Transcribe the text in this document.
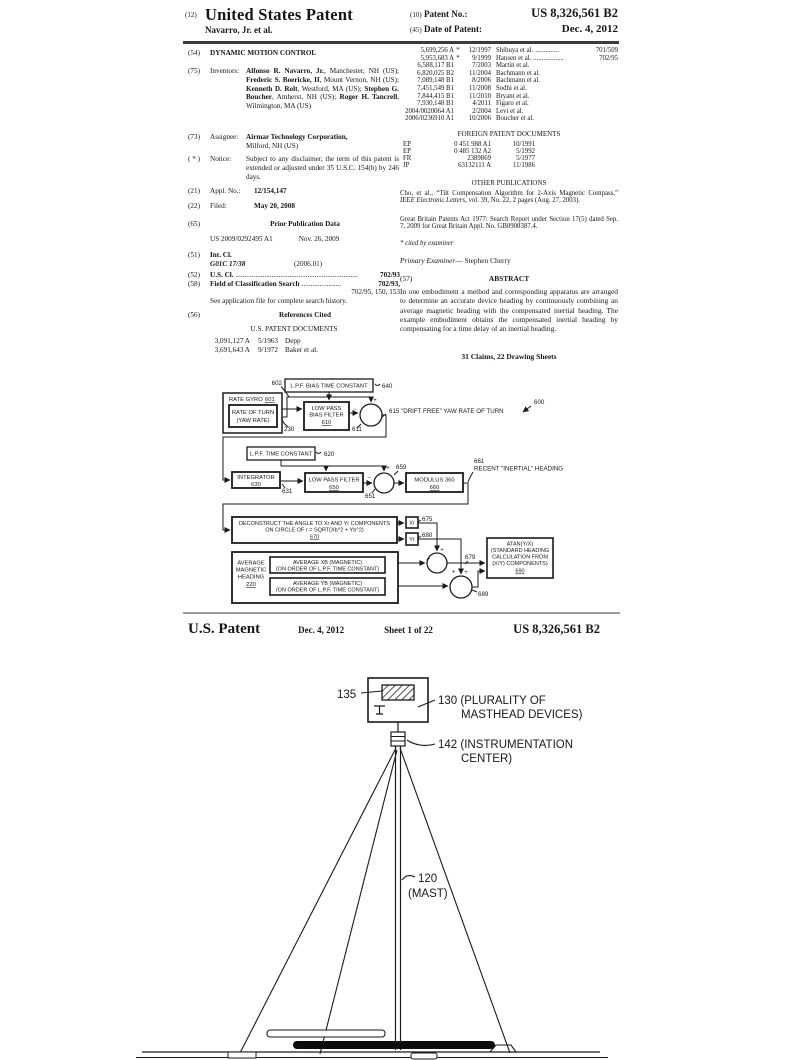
(12) United States Patent
Navarro, Jr. et al.
(10) Patent No.:	US 8,326,561 B2
(45) Date of Patent:	Dec. 4, 2012
(54)	DYNAMIC MOTION CONTROL
(75)	Inventors: Alfonso R. Navarro, Jr., Manchester, NH (US); Frederic S. Boericke, II, Mount Vernon, NH (US); Kenneth D. Rolt, Westford, MA (US); Stephen G. Boucher, Amherst, NH (US); Roger H. Tancrell, Wilmington, MA (US)
(73)	Assignee:	Airmar Technology Corporation,
Milford, NH (US)
( * )	Notice:	Subject to any disclaimer, the term of this patent is extended or adjusted under 35 U.S.C. 154(b) by 246 days.
(21)	Appl. No.:	12/154,147
(22)	Filed:	May 20, 2008
(65)	Prior Publication Data
US 2009/0292495 A1	Nov. 26, 2009
(51)	Int. Cl.
G01C 17/38	(2006.01)
(52)	U.S. Cl. ....................................................................	702/93
(58)	Field of Classification Search ......................	702/93,
702/95, 150, 153
See application file for complete search history.
(56)	References Cited
U.S. PATENT DOCUMENTS
3,091,127 A	5/1963 Depp
3,691,643 A	9/1972 Baker et al.
5,699,256 A *	12/1997 Shibuya et al. ..............	701/509
5,953,683 A *	9/1999 Hansen et al. ..................	702/95
6,588,117 B1	7/2003 Martin et al.
6,820,025 B2	11/2004 Bachmann et al.
7,089,148 B1	8/2006 Bachmann et al.
7,451,549 B1	11/2008 Sodhi et al.
7,844,415 B1	11/2010 Bryant et al.
7,930,148 B1	4/2011 Figaro et al.
2004/0020064 A1	2/2004 Levi et al.
2006/0236910 A1	10/2006 Boucher et al.
FOREIGN PATENT DOCUMENTS
EP	0 451 988 A1	10/1991
EP	0 485 132 A2	5/1992
FR	2389869	5/1977
JP	63132111 A	11/1986
OTHER PUBLICATIONS
Cho, et al., “Tilt Compensation Algorithm for 2-Axis Magnetic Compass,” IEEE Electronic Letters, vol. 39, No. 22, 2 pages (Aug. 27, 2003).
Great Britain Patents Act 1977: Search Report under Section 17(5) dated Sep. 7, 2009 for Great Britain Appl. No. GB0908387.4.
* cited by examiner
Primary Examiner — Stephen Cherry
(57)	ABSTRACT
In one embodiment a method and corresponding apparatus are arranged to determine an accurate device heading by continuously combining an average magnetic heading with the compensated inertial heading. The example embodiment obtains the compensated inertial heading by compensating for a time delay of an inertial heading.
31 Claims, 22 Drawing Sheets
L.P.F. BIAS TIME CONSTANT
602	640
RATE GYRO 601
RATE OF TURN
(YAW RATE)
230
LOW PASS
BIAS FILTER
610
611
615 "DRIFT FREE" YAW RATE OF TURN
600
+
−
L.P.F. TIME CONSTANT 620
INTEGRATOR
630
631
LOW PASS FILTER
650
659
651
MODULUS 360
660
661
RECENT "INERTIAL" HEADING
+
−
DECONSTRUCT THE ANGLE TO Xr AND Yr COMPONENTS
ON CIRCLE OF r = SQRT(Xb^2 + Yb^2)
670
Xr
675
Yr
680
ATAN(Y/X)
(STANDARD HEADING
CALCULATION FROM
(X/Y) COMPONENTS)
690
AVERAGE
MAGNETIC
HEADING
220
AVERAGE XB (MAGNETIC)
(ON ORDER OF L.P.F. TIME CONSTANT)
AVERAGE YB (MAGNETIC)
(ON ORDER OF L.P.F. TIME CONSTANT)
679
689
+
+
+ +
U.S. Patent	Dec. 4, 2012	Sheet 1 of 22	US 8,326,561 B2
135	130 (PLURALITY OF
MASTHEAD DEVICES)
142 (INSTRUMENTATION
CENTER)
120
(MAST)
